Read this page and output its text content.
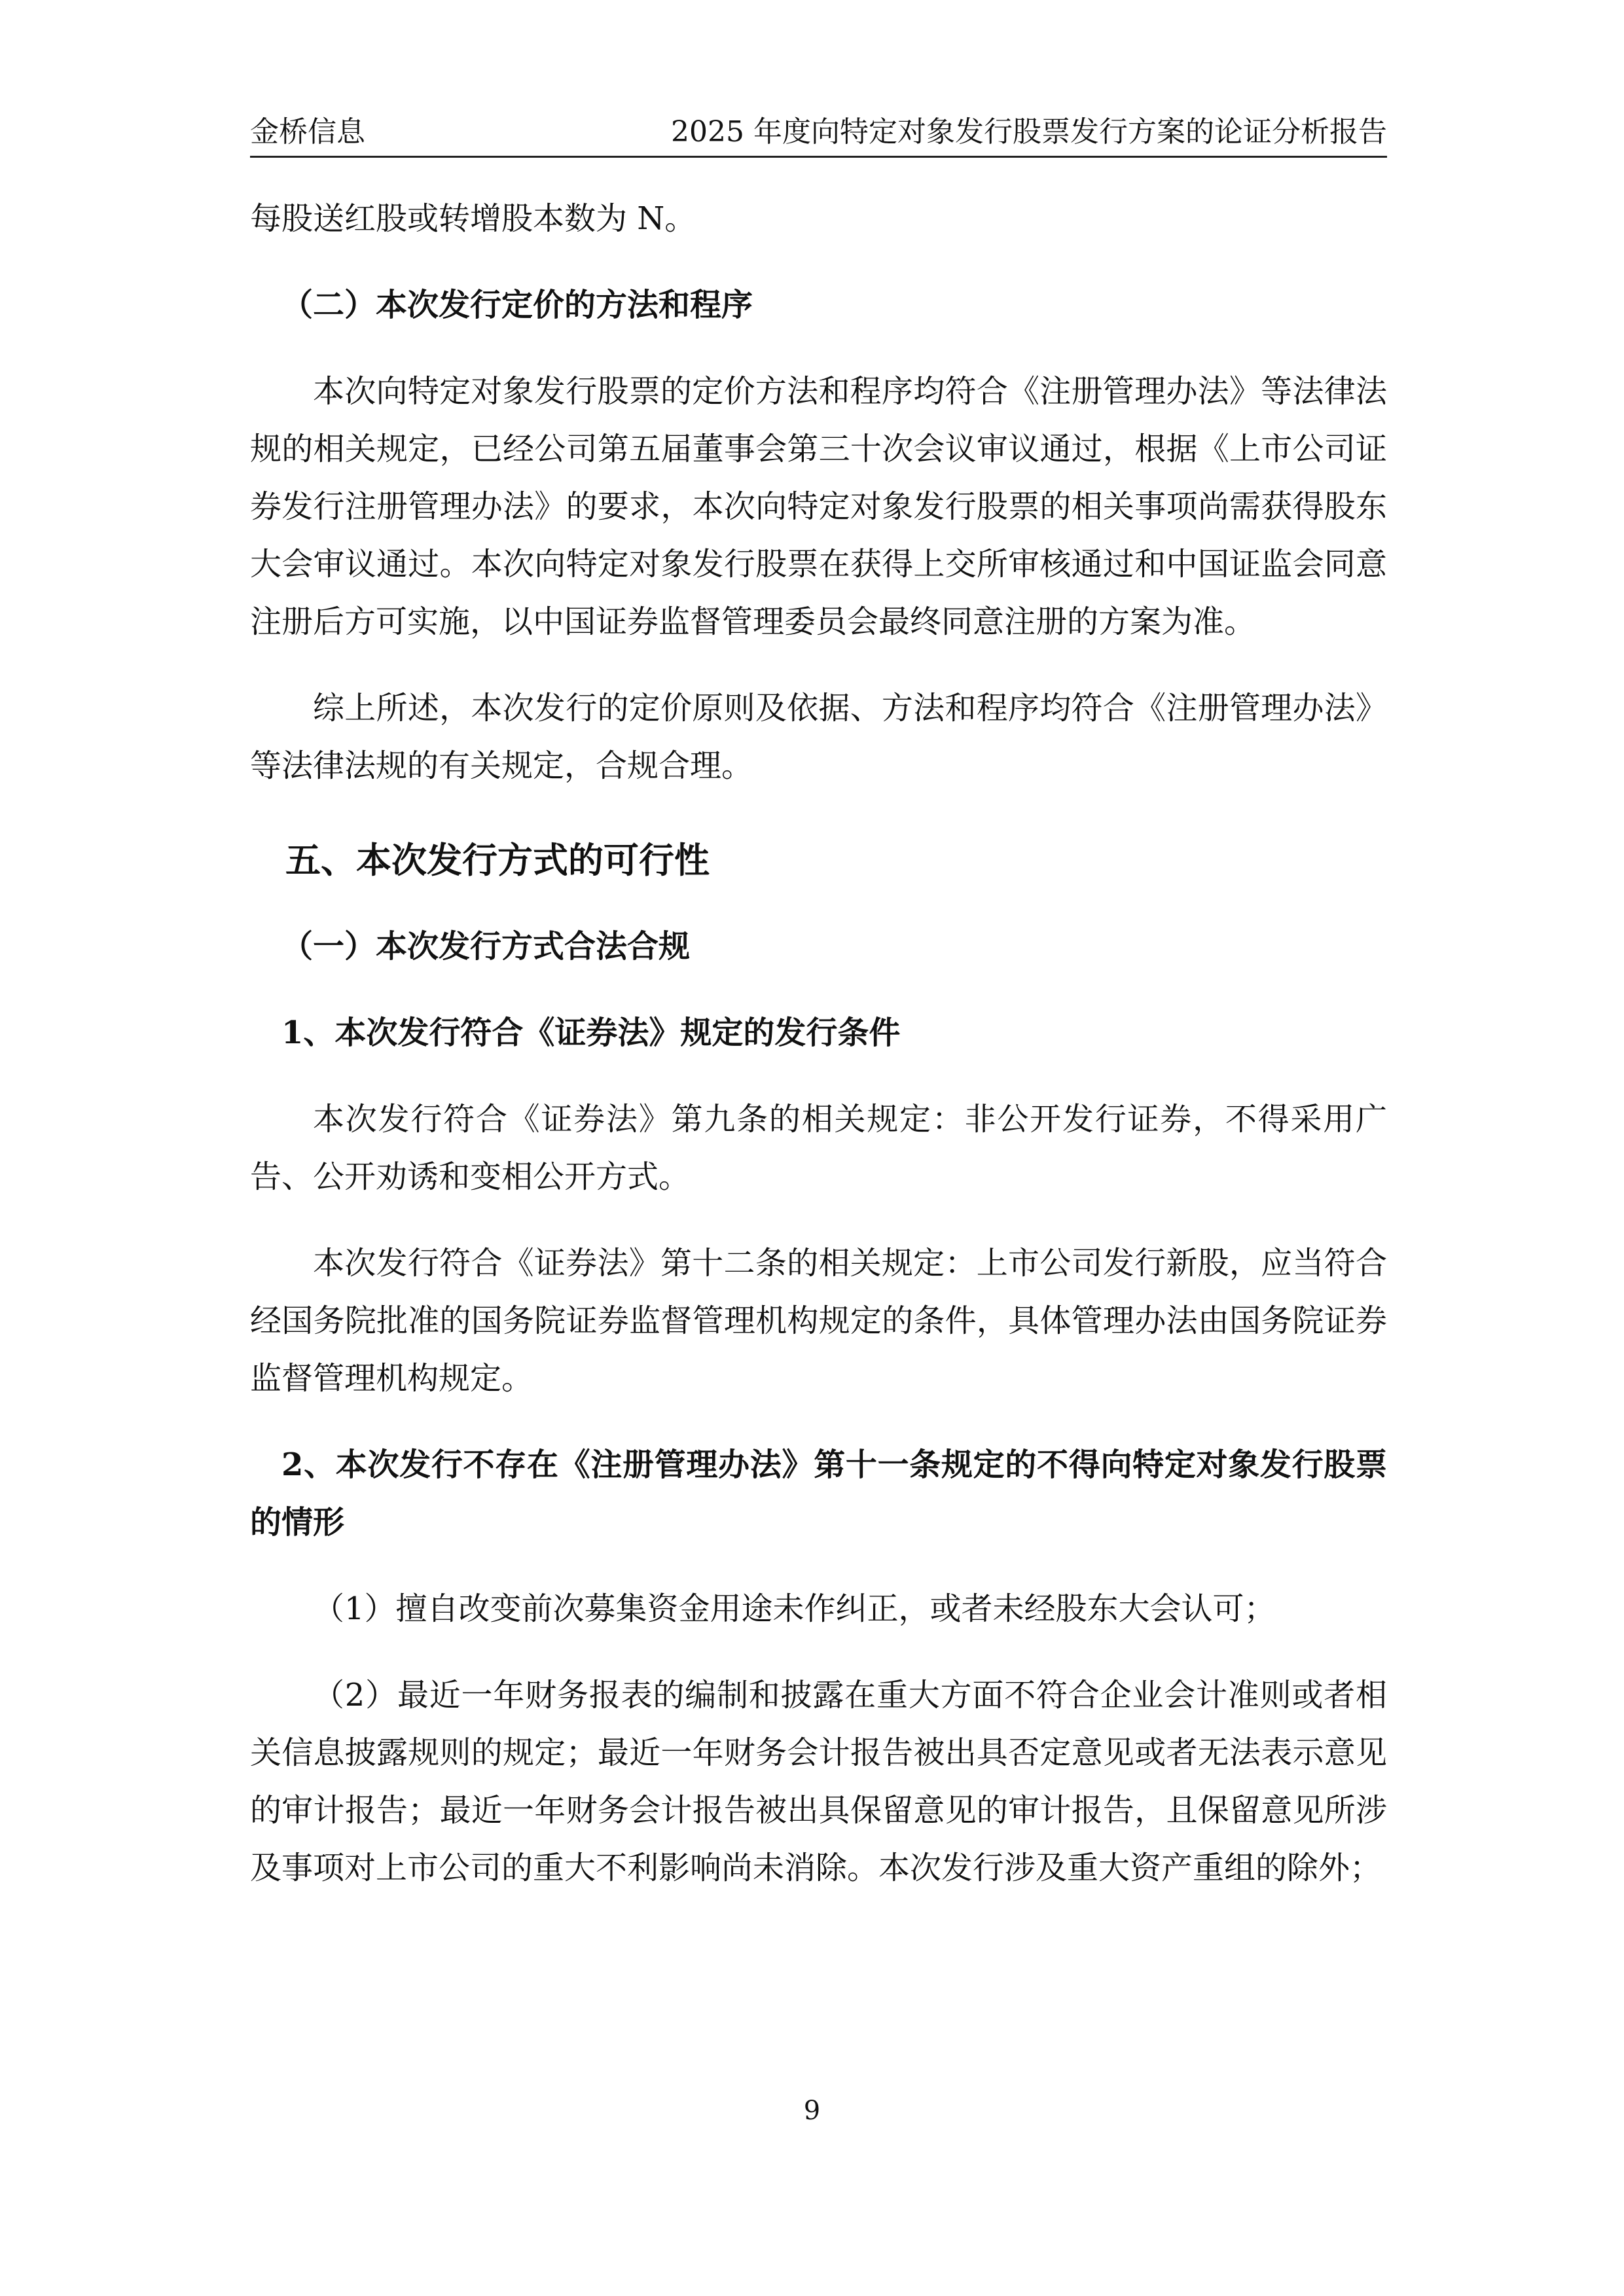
金桥信息	2025 年度向特定对象发行股票发行方案的论证分析报告

每股送红股或转增股本数为 N。

（二）本次发行定价的方法和程序

本次向特定对象发行股票的定价方法和程序均符合《注册管理办法》等法律法规的相关规定，已经公司第五届董事会第三十次会议审议通过，根据《上市公司证券发行注册管理办法》的要求，本次向特定对象发行股票的相关事项尚需获得股东大会审议通过。本次向特定对象发行股票在获得上交所审核通过和中国证监会同意注册后方可实施，以中国证券监督管理委员会最终同意注册的方案为准。

综上所述，本次发行的定价原则及依据、方法和程序均符合《注册管理办法》等法律法规的有关规定，合规合理。

五、本次发行方式的可行性

（一）本次发行方式合法合规

1、本次发行符合《证券法》规定的发行条件

本次发行符合《证券法》第九条的相关规定：非公开发行证券，不得采用广告、公开劝诱和变相公开方式。

本次发行符合《证券法》第十二条的相关规定：上市公司发行新股，应当符合经国务院批准的国务院证券监督管理机构规定的条件，具体管理办法由国务院证券监督管理机构规定。

2、本次发行不存在《注册管理办法》第十一条规定的不得向特定对象发行股票的情形

（1）擅自改变前次募集资金用途未作纠正，或者未经股东大会认可；

（2）最近一年财务报表的编制和披露在重大方面不符合企业会计准则或者相关信息披露规则的规定；最近一年财务会计报告被出具否定意见或者无法表示意见的审计报告；最近一年财务会计报告被出具保留意见的审计报告，且保留意见所涉及事项对上市公司的重大不利影响尚未消除。本次发行涉及重大资产重组的除外；

9
